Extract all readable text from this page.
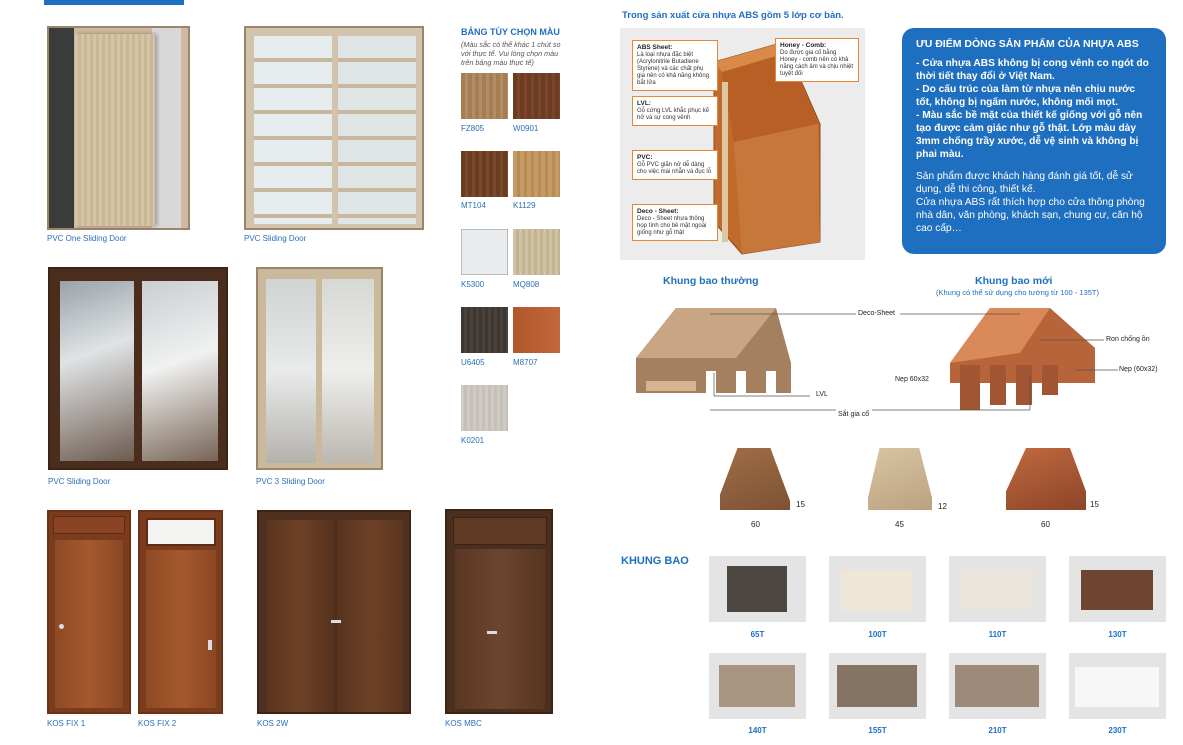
PVC One Sliding Door	PVC Sliding Door
PVC Sliding Door	PVC 3 Sliding Door
KOS FIX 1	KOS FIX 2	KOS 2W	KOS MBC
BẢNG TÙY CHỌN MÀU
(Màu sắc có thể khác 1 chút so với thực tế. Vui lòng chọn màu trên bảng màu thực tế)
FZ805	W0901
MT104	K1129
K5300	MQ808
U6405	M8707
K0201
Trong sản xuất cửa nhựa ABS gồm 5 lớp cơ bản.
ABS Sheet:
Là loại nhựa đặc biệt (Acrylonitrile Butadiene Styrene) và các chất phụ gia nên có khả năng không bắt lửa
LVL:
Gỗ cứng LVL khắc phục kẽ hở và sự cong vênh
PVC:
Gỗ PVC giãn nở dễ dàng cho việc mài nhẵn và đục lỗ
Deco - Sheet:
Deco - Sheet nhựa thông họp tính cho bề mặt ngoài giống như gỗ thật
Honey - Comb:
Do được gia cố bằng Honey - comb nên có khả năng cách âm và chịu nhiệt tuyệt đối
ƯU ĐIỂM DÒNG SẢN PHẨM CỦA NHỰA ABS
- Cửa nhựa ABS không bị cong vênh co ngót do thời tiết thay đổi ở Việt Nam.
- Do cấu trúc của làm từ nhựa nên chịu nước tốt, không bị ngấm nước, không mối mọt.
- Màu sắc bề mặt của thiết kế giống với gỗ nên tạo được cảm giác như gỗ thật. Lớp màu dày 3mm chống trầy xước, dễ vệ sinh và không bị phai màu.
Sản phẩm được khách hàng đánh giá tốt, dễ sử dụng, dễ thi công, thiết kế.
Cửa nhựa ABS rất thích hợp cho cửa thông phòng nhà dân, văn phòng, khách sạn, chung cư, căn hộ cao cấp…
Khung bao thường	Khung bao mới
(Khung có thể sử dụng cho tường từ 100 - 135T)
Deco-Sheet
Ron chống ồn
Nẹp 60x32
Nẹp (60x32)
LVL
Sắt gia cố
15
60
12
45
15
60
KHUNG BAO
65T	100T	110T	130T
140T	155T	210T	230T
